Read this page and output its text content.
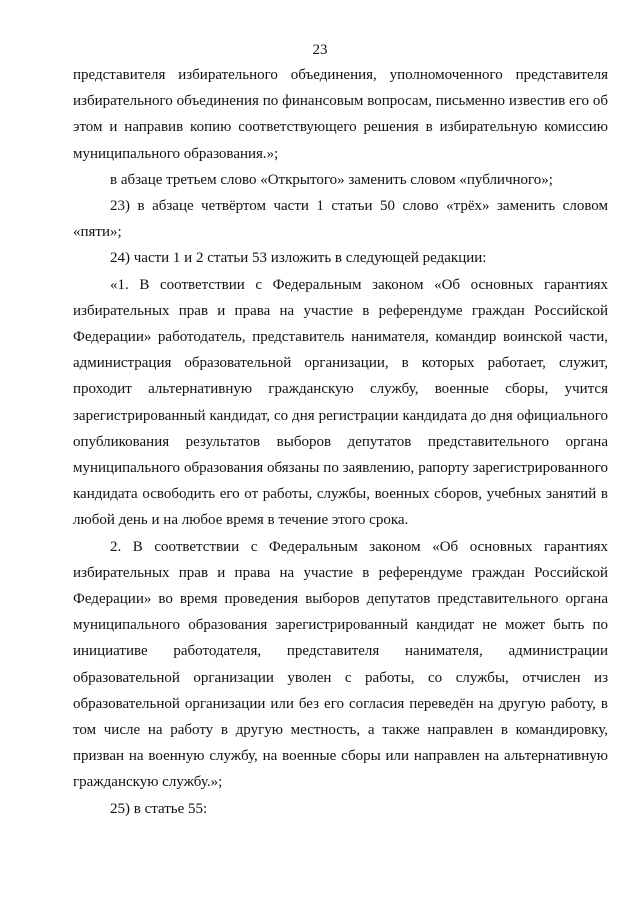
23

представителя избирательного объединения, уполномоченного представителя избирательного объединения по финансовым вопросам, письменно известив его об этом и направив копию соответствующего решения в избирательную комиссию муниципального образования.»;

в абзаце третьем слово «Открытого» заменить словом «публичного»;

23) в абзаце четвёртом части 1 статьи 50 слово «трёх» заменить словом «пяти»;

24) части 1 и 2 статьи 53 изложить в следующей редакции:

«1. В соответствии с Федеральным законом «Об основных гарантиях избирательных прав и права на участие в референдуме граждан Российской Федерации» работодатель, представитель нанимателя, командир воинской части, администрация образовательной организации, в которых работает, служит, проходит альтернативную гражданскую службу, военные сборы, учится зарегистрированный кандидат, со дня регистрации кандидата до дня официального опубликования результатов выборов депутатов представительного органа муниципального образования обязаны по заявлению, рапорту зарегистрированного кандидата освободить его от работы, службы, военных сборов, учебных занятий в любой день и на любое время в течение этого срока.

2. В соответствии с Федеральным законом «Об основных гарантиях избирательных прав и права на участие в референдуме граждан Российской Федерации» во время проведения выборов депутатов представительного органа муниципального образования зарегистрированный кандидат не может быть по инициативе работодателя, представителя нанимателя, администрации образовательной организации уволен с работы, со службы, отчислен из образовательной организации или без его согласия переведён на другую работу, в том числе на работу в другую местность, а также направлен в командировку, призван на военную службу, на военные сборы или направлен на альтернативную гражданскую службу.»;

25) в статье 55:
